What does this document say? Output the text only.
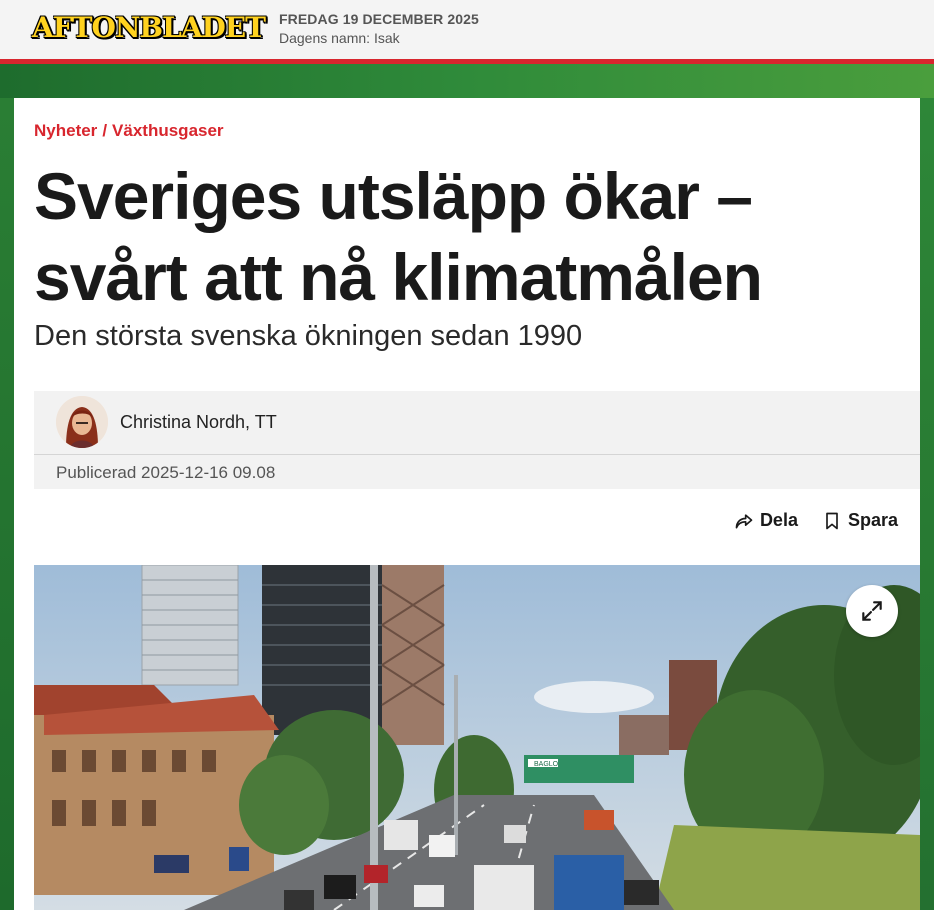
AFTONBLADET FREDAG 19 DECEMBER 2025
Dagens namn: Isak
Nyheter / Växthusgaser
Sveriges utsläpp ökar – svårt att nå klimatmålen
Den största svenska ökningen sedan 1990
Christina Nordh, TT
Publicerad 2025-12-16 09.08
Dela	Spara
BAGLO
